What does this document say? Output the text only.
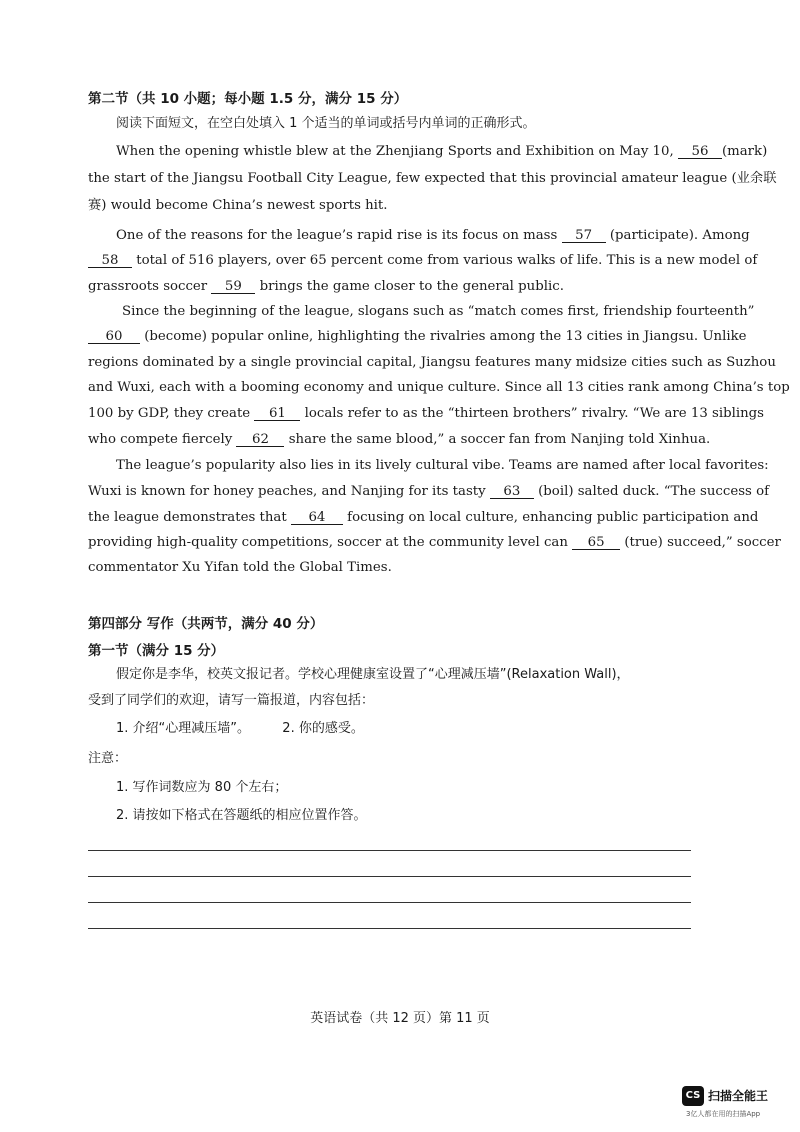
第二节（共 10 小题；每小题 1.5 分，满分 15 分）
阅读下面短文，在空白处填入 1 个适当的单词或括号内单词的正确形式。
When the opening whistle blew at the Zhenjiang Sports and Exhibition on May 10, 56 (mark)
the start of the Jiangsu Football City League, few expected that this provincial amateur league (业余联
赛) would become China’s newest sports hit.
One of the reasons for the league’s rapid rise is its focus on mass 57 (participate). Among
58 total of 516 players, over 65 percent come from various walks of life. This is a new model of
grassroots soccer 59 brings the game closer to the general public.
Since the beginning of the league, slogans such as “match comes first, friendship fourteenth”
60 (become) popular online, highlighting the rivalries among the 13 cities in Jiangsu. Unlike
regions dominated by a single provincial capital, Jiangsu features many midsize cities such as Suzhou
and Wuxi, each with a booming economy and unique culture. Since all 13 cities rank among China’s top
100 by GDP, they create 61 locals refer to as the “thirteen brothers” rivalry. “We are 13 siblings
who compete fiercely 62 share the same blood,” a soccer fan from Nanjing told Xinhua.
The league’s popularity also lies in its lively cultural vibe. Teams are named after local favorites:
Wuxi is known for honey peaches, and Nanjing for its tasty 63 (boil) salted duck. “The success of
the league demonstrates that 64 focusing on local culture, enhancing public participation and
providing high-quality competitions, soccer at the community level can 65 (true) succeed,” soccer
commentator Xu Yifan told the Global Times.
第四部分 写作（共两节，满分 40 分）
第一节（满分 15 分）
假定你是李华，校英文报记者。学校心理健康室设置了“心理减压墙”(Relaxation Wall)，
受到了同学们的欢迎，请写一篇报道，内容包括：
1. 介绍“心理减压墙”。 2. 你的感受。
注意：
1. 写作词数应为 80 个左右；
2. 请按如下格式在答题纸的相应位置作答。
英语试卷（共 12 页）第 11 页
CS 扫描全能王
3亿人都在用的扫描App
